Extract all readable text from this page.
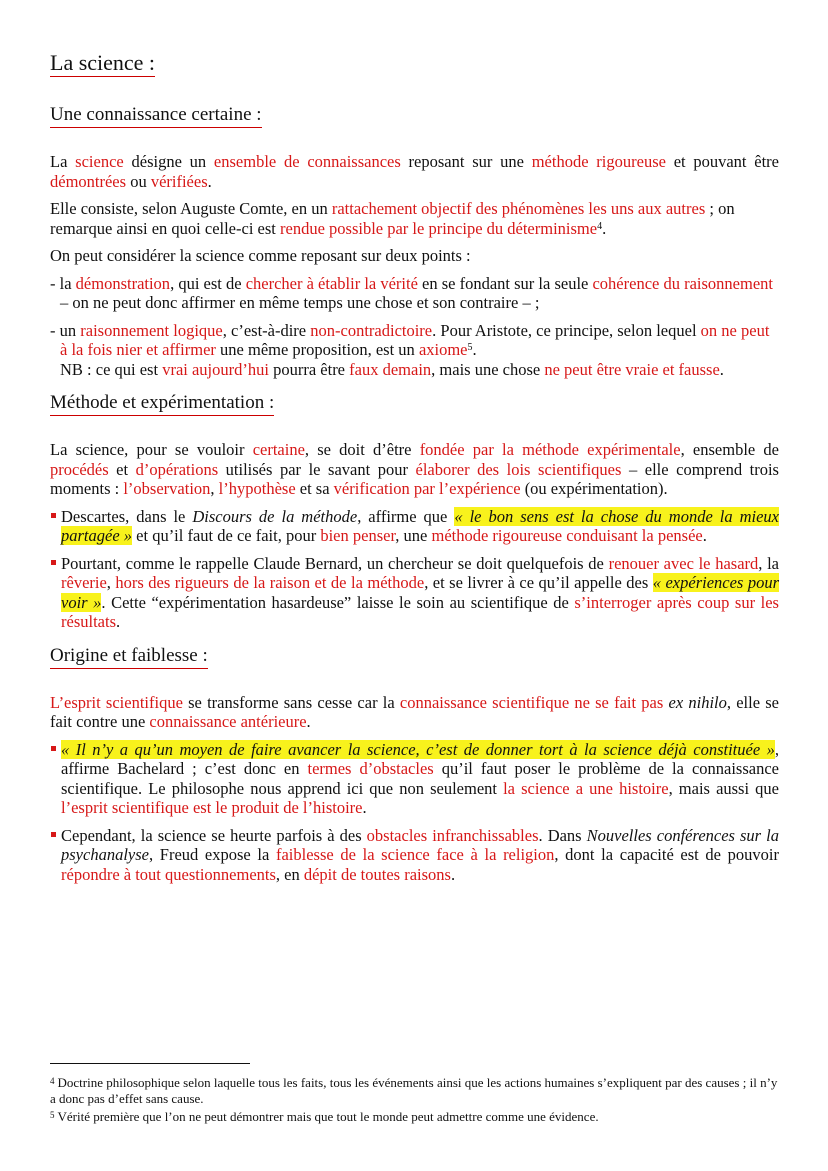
La science :
Une connaissance certaine :

La science désigne un ensemble de connaissances reposant sur une méthode rigoureuse et pouvant être démontrées ou vérifiées.

Elle consiste, selon Auguste Comte, en un rattachement objectif des phénomènes les uns aux autres ; on remarque ainsi en quoi celle-ci est rendue possible par le principe du déterminisme$^4$.

On peut considérer la science comme reposant sur deux points :

- la démonstration, qui est de chercher à établir la vérité en se fondant sur la seule cohérence du raisonnement – on ne peut donc affirmer en même temps une chose et son contraire – ;

- un raisonnement logique, c’est-à-dire non-contradictoire. Pour Aristote, ce principe, selon lequel on ne peut à la fois nier et affirmer une même proposition, est un axiome$^5$.

NB : ce qui est vrai aujourd’hui pourra être faux demain, mais une chose ne peut être vraie et fausse.

Méthode et expérimentation :

La science, pour se vouloir certaine, se doit d’être fondée par la méthode expérimentale, ensemble de procédés et d’opérations utilisés par le savant pour élaborer des lois scientifiques – elle comprend trois moments : l’observation, l’hypothèse et sa vérification par l’expérience (ou expérimentation).

Descartes, dans le Discours de la méthode, affirme que « le bon sens est la chose du monde la mieux partagée » et qu’il faut de ce fait, pour bien penser, une méthode rigoureuse conduisant la pensée.

Pourtant, comme le rappelle Claude Bernard, un chercheur se doit quelquefois de renouer avec le hasard, la rêverie, hors des rigueurs de la raison et de la méthode, et se livrer à ce qu’il appelle des « expériences pour voir ». Cette “expérimentation hasardeuse” laisse le soin au scientifique de s’interroger après coup sur les résultats.

Origine et faiblesse :

L’esprit scientifique se transforme sans cesse car la connaissance scientifique ne se fait pas ex nihilo, elle se fait contre une connaissance antérieure.

« Il n’y a qu’un moyen de faire avancer la science, c’est de donner tort à la science déjà constituée », affirme Bachelard ; c’est donc en termes d’obstacles qu’il faut poser le problème de la connaissance scientifique. Le philosophe nous apprend ici que non seulement la science a une histoire, mais aussi que l’esprit scientifique est le produit de l’histoire.

Cependant, la science se heurte parfois à des obstacles infranchissables. Dans Nouvelles conférences sur la psychanalyse, Freud expose la faiblesse de la science face à la religion, dont la capacité est de pouvoir répondre à tout questionnements, en dépit de toutes raisons.

$^4$ Doctrine philosophique selon laquelle tous les faits, tous les événements ainsi que les actions humaines s’expliquent par des causes ; il n’y a donc pas d’effet sans cause.

$^5$ Vérité première que l’on ne peut démontrer mais que tout le monde peut admettre comme une évidence.
